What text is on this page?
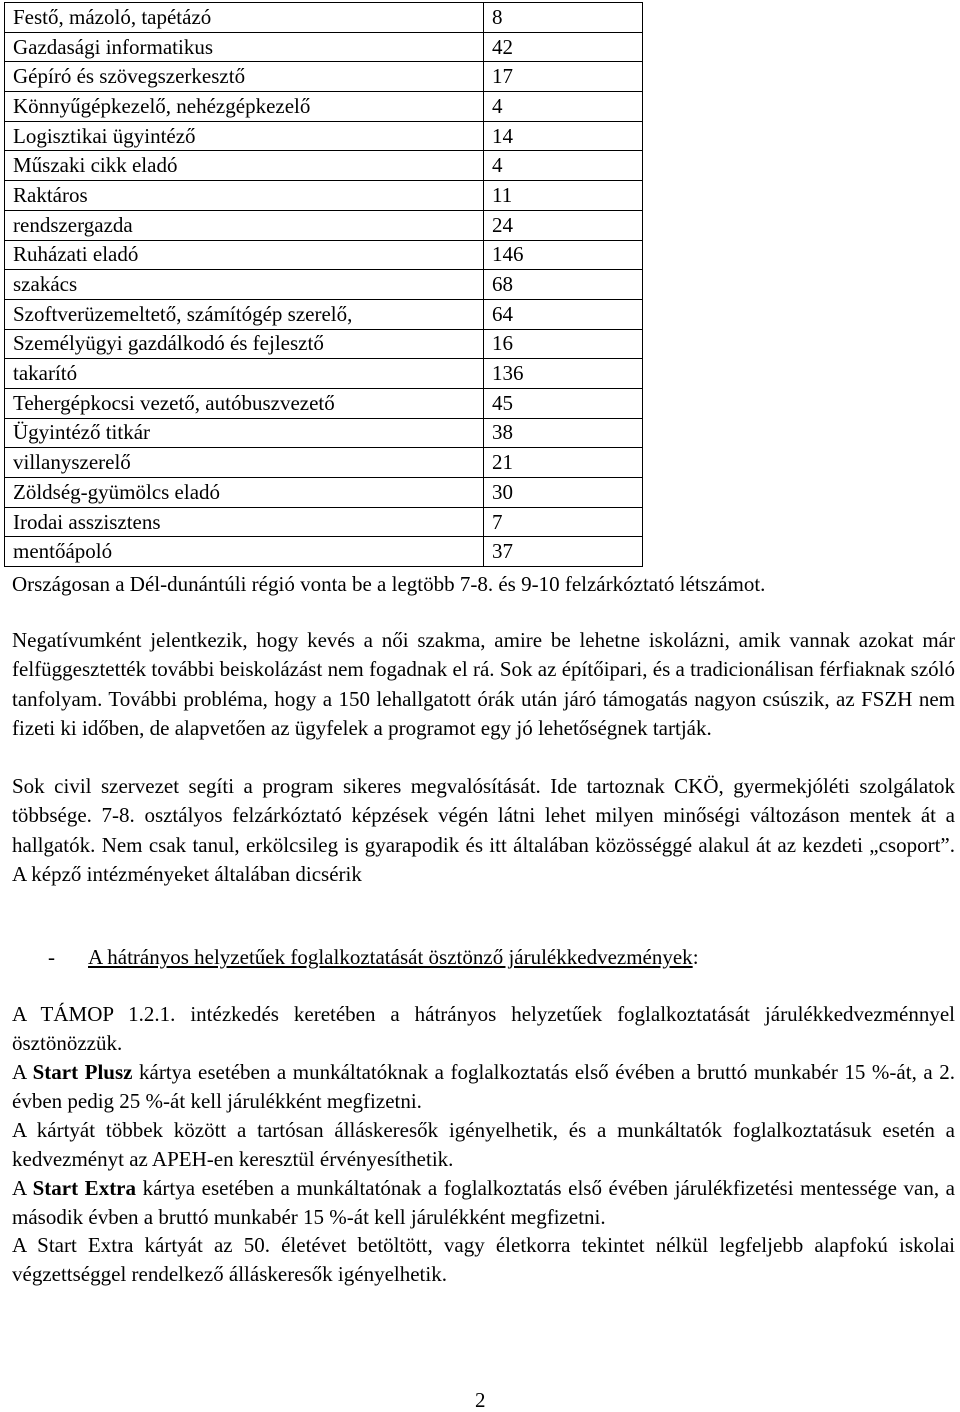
Festő, mázoló, tapétázó	8
Gazdasági informatikus	42
Gépíró és szövegszerkesztő	17
Könnyűgépkezelő, nehézgépkezelő	4
Logisztikai ügyintéző	14
Műszaki cikk eladó	4
Raktáros	11
rendszergazda	24
Ruházati eladó	146
szakács	68
Szoftverüzemeltető, számítógép szerelő,	64
Személyügyi gazdálkodó és fejlesztő	16
takarító	136
Tehergépkocsi vezető, autóbuszvezető	45
Ügyintéző titkár	38
villanyszerelő	21
Zöldség-gyümölcs eladó	30
Irodai asszisztens	7
mentőápoló	37

Országosan a Dél-dunántúli régió vonta be a legtöbb 7-8. és 9-10 felzárkóztató létszámot.

Negatívumként jelentkezik, hogy kevés a női szakma, amire be lehetne iskolázni, amik vannak azokat már felfüggesztették további beiskolázást nem fogadnak el rá. Sok az építőipari, és a tradicionálisan férfiaknak szóló tanfolyam. További probléma, hogy a 150 lehallgatott órák után járó támogatás nagyon csúszik, az FSZH nem fizeti ki időben, de alapvetően az ügyfelek a programot egy jó lehetőségnek tartják.

Sok civil szervezet segíti a program sikeres megvalósítását. Ide tartoznak CKÖ, gyermekjóléti szolgálatok többsége. 7-8. osztályos felzárkóztató képzések végén látni lehet milyen minőségi változáson mentek át a hallgatók. Nem csak tanul, erkölcsileg is gyarapodik és itt általában közösséggé alakul át az kezdeti „csoport”. A képző intézményeket általában dicsérik

- A hátrányos helyzetűek foglalkoztatását ösztönző járulékkedvezmények:

A TÁMOP 1.2.1. intézkedés keretében a hátrányos helyzetűek foglalkoztatását járulékkedvezménnyel ösztönözzük.

A Start Plusz kártya esetében a munkáltatóknak a foglalkoztatás első évében a bruttó munkabér 15 %-át, a 2. évben pedig 25 %-át kell járulékként megfizetni.

A kártyát többek között a tartósan álláskeresők igényelhetik, és a munkáltatók foglalkoztatásuk esetén a kedvezményt az APEH-en keresztül érvényesíthetik.

A Start Extra kártya esetében a munkáltatónak a foglalkoztatás első évében járulékfizetési mentessége van, a második évben a bruttó munkabér 15 %-át kell járulékként megfizetni.

A Start Extra kártyát az 50. életévet betöltött, vagy életkorra tekintet nélkül legfeljebb alapfokú iskolai végzettséggel rendelkező álláskeresők igényelhetik.

2
